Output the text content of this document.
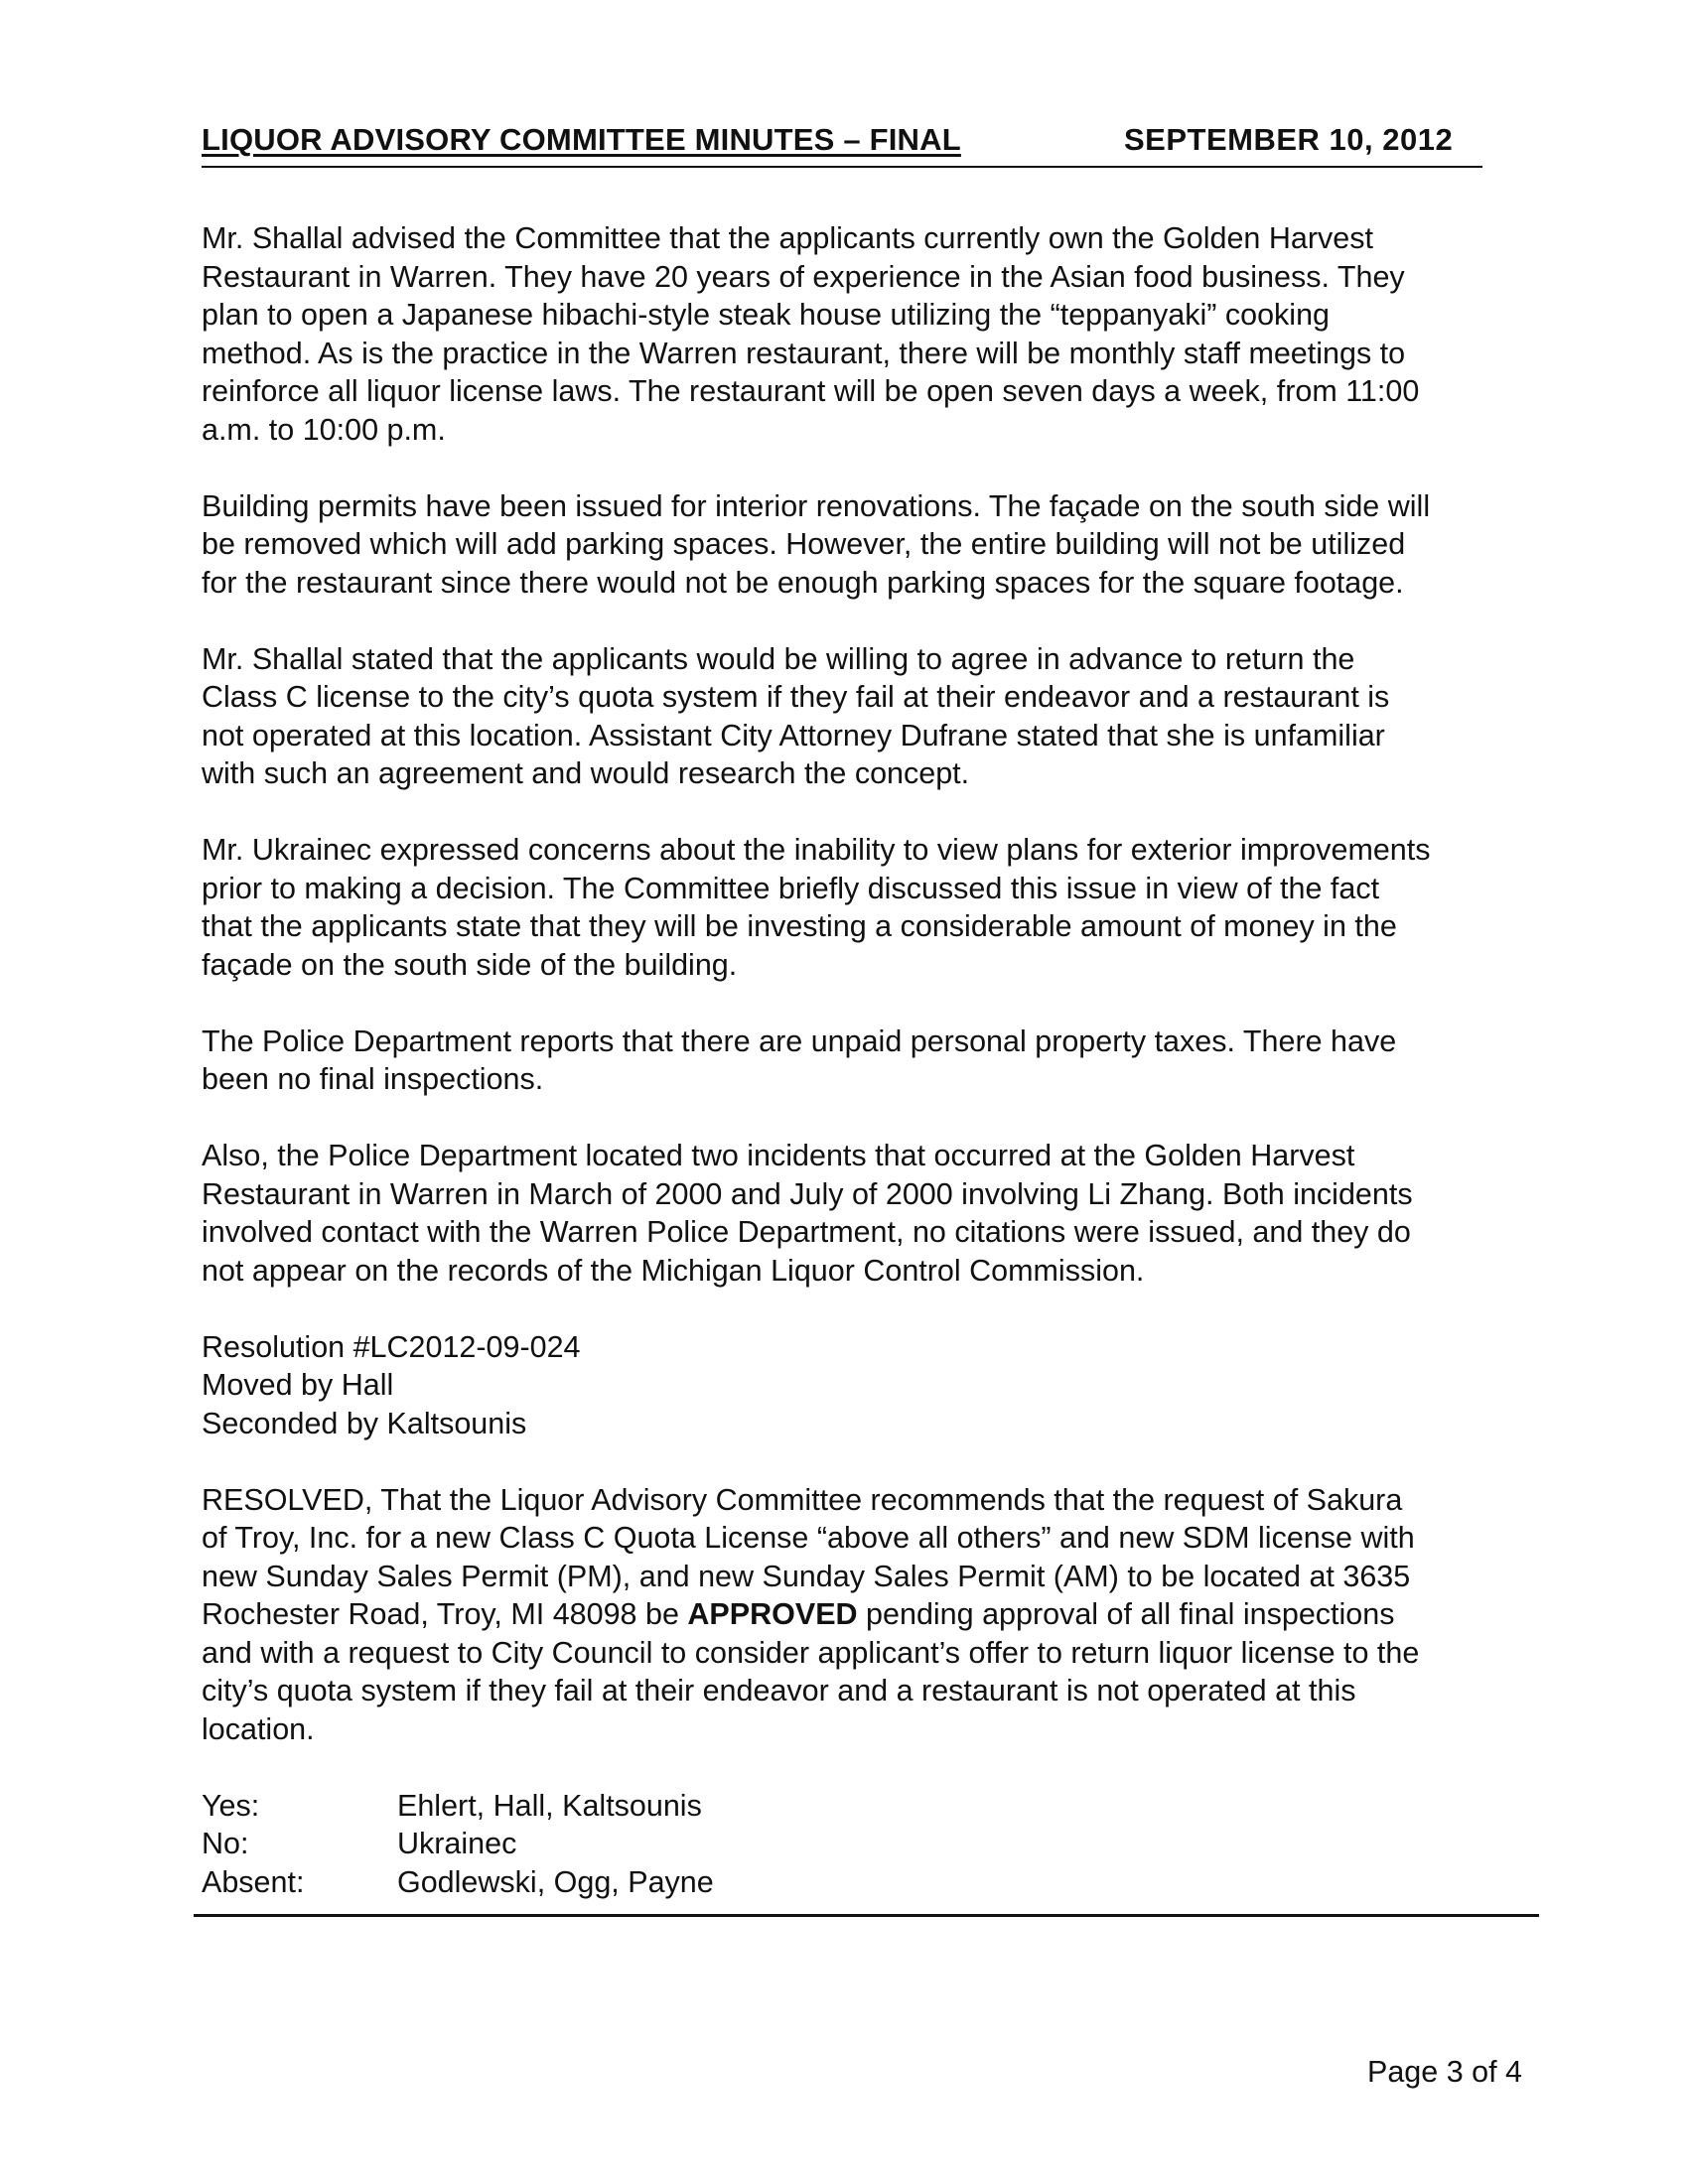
LIQUOR ADVISORY COMMITTEE MINUTES – FINAL	SEPTEMBER 10, 2012

Mr. Shallal advised the Committee that the applicants currently own the Golden Harvest
Restaurant in Warren. They have 20 years of experience in the Asian food business. They
plan to open a Japanese hibachi-style steak house utilizing the “teppanyaki” cooking
method. As is the practice in the Warren restaurant, there will be monthly staff meetings to
reinforce all liquor license laws. The restaurant will be open seven days a week, from 11:00
a.m. to 10:00 p.m.

Building permits have been issued for interior renovations. The façade on the south side will
be removed which will add parking spaces. However, the entire building will not be utilized
for the restaurant since there would not be enough parking spaces for the square footage.

Mr. Shallal stated that the applicants would be willing to agree in advance to return the
Class C license to the city’s quota system if they fail at their endeavor and a restaurant is
not operated at this location. Assistant City Attorney Dufrane stated that she is unfamiliar
with such an agreement and would research the concept.

Mr. Ukrainec expressed concerns about the inability to view plans for exterior improvements
prior to making a decision. The Committee briefly discussed this issue in view of the fact
that the applicants state that they will be investing a considerable amount of money in the
façade on the south side of the building.

The Police Department reports that there are unpaid personal property taxes. There have
been no final inspections.

Also, the Police Department located two incidents that occurred at the Golden Harvest
Restaurant in Warren in March of 2000 and July of 2000 involving Li Zhang. Both incidents
involved contact with the Warren Police Department, no citations were issued, and they do
not appear on the records of the Michigan Liquor Control Commission.

Resolution #LC2012-09-024
Moved by Hall
Seconded by Kaltsounis

RESOLVED, That the Liquor Advisory Committee recommends that the request of Sakura
of Troy, Inc. for a new Class C Quota License “above all others” and new SDM license with
new Sunday Sales Permit (PM), and new Sunday Sales Permit (AM) to be located at 3635
Rochester Road, Troy, MI 48098 be APPROVED pending approval of all final inspections
and with a request to City Council to consider applicant’s offer to return liquor license to the
city’s quota system if they fail at their endeavor and a restaurant is not operated at this
location.

Yes:	Ehlert, Hall, Kaltsounis
No:	Ukrainec
Absent:	Godlewski, Ogg, Payne
Page 3 of 4
